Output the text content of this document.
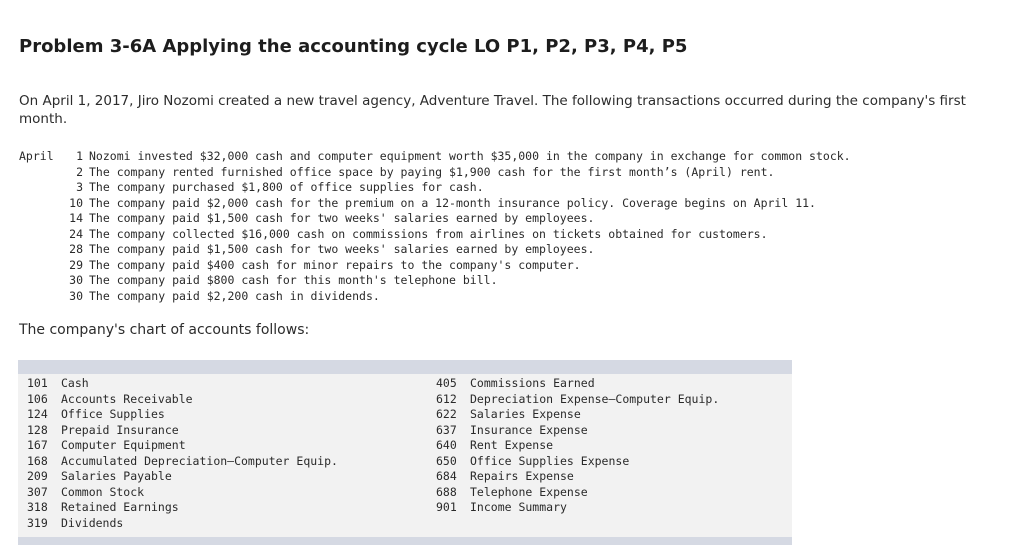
Problem 3-6A Applying the accounting cycle LO P1, P2, P3, P4, P5
On April 1, 2017, Jiro Nozomi created a new travel agency, Adventure Travel. The following transactions occurred during the company's first month.
April	1 Nozomi invested $32,000 cash and computer equipment worth $35,000 in the company in exchange for common stock.
2 The company rented furnished office space by paying $1,900 cash for the first month’s (April) rent.
3 The company purchased $1,800 of office supplies for cash.
10 The company paid $2,000 cash for the premium on a 12-month insurance policy. Coverage begins on April 11.
14 The company paid $1,500 cash for two weeks' salaries earned by employees.
24 The company collected $16,000 cash on commissions from airlines on tickets obtained for customers.
28 The company paid $1,500 cash for two weeks' salaries earned by employees.
29 The company paid $400 cash for minor repairs to the company's computer.
30 The company paid $800 cash for this month's telephone bill.
30 The company paid $2,200 cash in dividends.
The company's chart of accounts follows:
101 Cash
106 Accounts Receivable
124 Office Supplies
128 Prepaid Insurance
167 Computer Equipment
168 Accumulated Depreciation—Computer Equip.
209 Salaries Payable
307 Common Stock
318 Retained Earnings
319 Dividends
405 Commissions Earned
612 Depreciation Expense—Computer Equip.
622 Salaries Expense
637 Insurance Expense
640 Rent Expense
650 Office Supplies Expense
684 Repairs Expense
688 Telephone Expense
901 Income Summary
